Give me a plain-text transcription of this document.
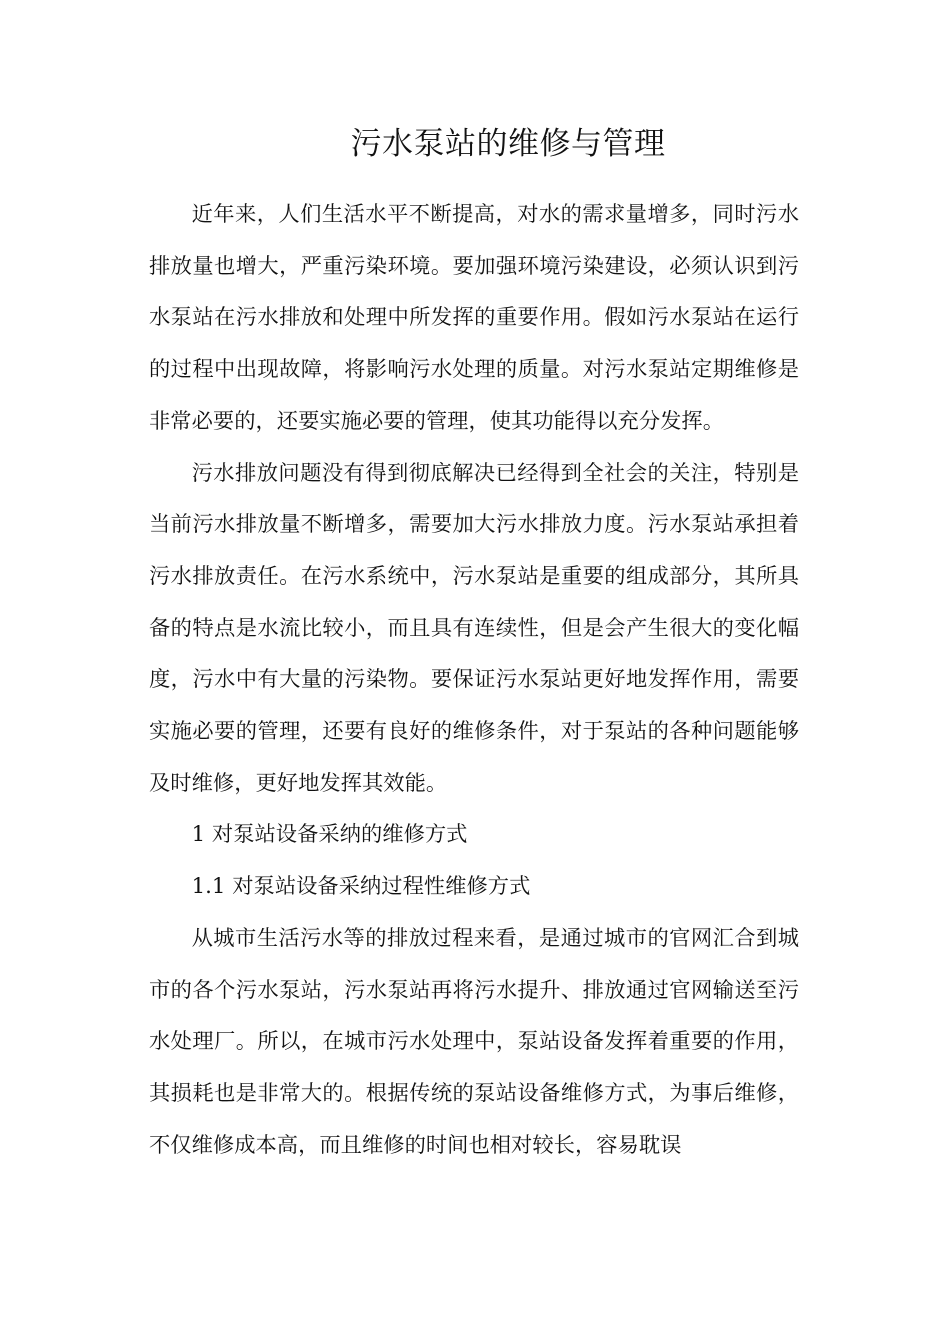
污水泵站的维修与管理

近年来，人们生活水平不断提高，对水的需求量增多，同时污水排放量也增大，严重污染环境。要加强环境污染建设，必须认识到污水泵站在污水排放和处理中所发挥的重要作用。假如污水泵站在运行的过程中出现故障，将影响污水处理的质量。对污水泵站定期维修是非常必要的，还要实施必要的管理，使其功能得以充分发挥。

污水排放问题没有得到彻底解决已经得到全社会的关注，特别是当前污水排放量不断增多，需要加大污水排放力度。污水泵站承担着污水排放责任。在污水系统中，污水泵站是重要的组成部分，其所具备的特点是水流比较小，而且具有连续性，但是会产生很大的变化幅度，污水中有大量的污染物。要保证污水泵站更好地发挥作用，需要实施必要的管理，还要有良好的维修条件，对于泵站的各种问题能够及时维修，更好地发挥其效能。

1 对泵站设备采纳的维修方式

1.1 对泵站设备采纳过程性维修方式

从城市生活污水等的排放过程来看，是通过城市的官网汇合到城市的各个污水泵站，污水泵站再将污水提升、排放通过官网输送至污水处理厂。所以，在城市污水处理中，泵站设备发挥着重要的作用，其损耗也是非常大的。根据传统的泵站设备维修方式，为事后维修，不仅维修成本高，而且维修的时间也相对较长，容易耽误
